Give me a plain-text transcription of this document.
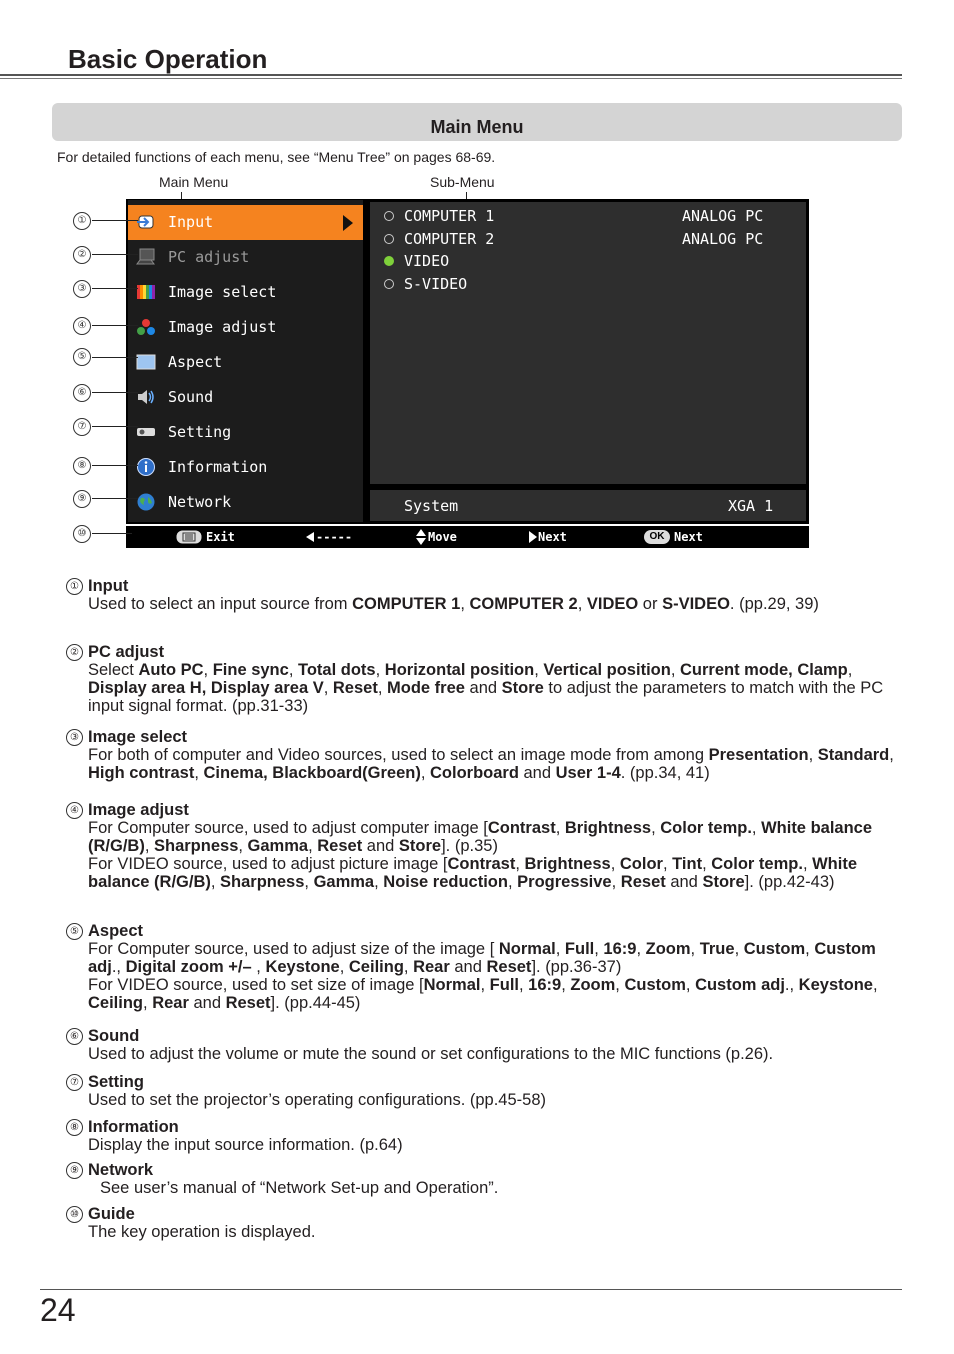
Basic Operation
Main Menu
For detailed functions of each menu, see “Menu Tree” on pages 68-69.
Main Menu	Sub-Menu
Input
PC adjust
Image select
Image adjust
Aspect
Sound
Setting
Information
Network
COMPUTER 1	ANALOG PC
COMPUTER 2	ANALOG PC
VIDEO
S-VIDEO
System	XGA 1
Exit	-----	Move	Next	OK Next
①
②
③
④
⑤
⑥
⑦
⑧
⑨
⑩
① Input
Used to select an input source from COMPUTER 1, COMPUTER 2, VIDEO or S-VIDEO. (pp.29, 39)
② PC adjust
Select Auto PC, Fine sync, Total dots, Horizontal position, Vertical position, Current mode, Clamp, Display area H, Display area V, Reset, Mode free and Store to adjust the parameters to match with the PC input signal format. (pp.31-33)
③ Image select
For both of computer and Video sources, used to select an image mode from among Presentation, Standard, High contrast, Cinema, Blackboard(Green), Colorboard and User 1-4. (pp.34, 41)
④ Image adjust
For Computer source, used to adjust computer image [Contrast, Brightness, Color temp., White balance (R/G/B), Sharpness, Gamma, Reset and Store]. (p.35)
For VIDEO source, used to adjust picture image [Contrast, Brightness, Color, Tint, Color temp., White balance (R/G/B), Sharpness, Gamma, Noise reduction, Progressive, Reset and Store]. (pp.42-43)
⑤ Aspect
For Computer source, used to adjust size of the image [ Normal, Full, 16:9, Zoom, True, Custom, Custom adj., Digital zoom +/– , Keystone, Ceiling, Rear and Reset]. (pp.36-37)
For VIDEO source, used to set size of image [Normal, Full, 16:9, Zoom, Custom, Custom adj., Keystone, Ceiling, Rear and Reset]. (pp.44-45)
⑥ Sound
Used to adjust the volume or mute the sound or set configurations to the MIC functions (p.26).
⑦ Setting
Used to set the projector’s operating configurations. (pp.45-58)
⑧ Information
Display the input source information. (p.64)
⑨ Network
See user’s manual of “Network Set-up and Operation”.
⑩ Guide
The key operation is displayed.
24
